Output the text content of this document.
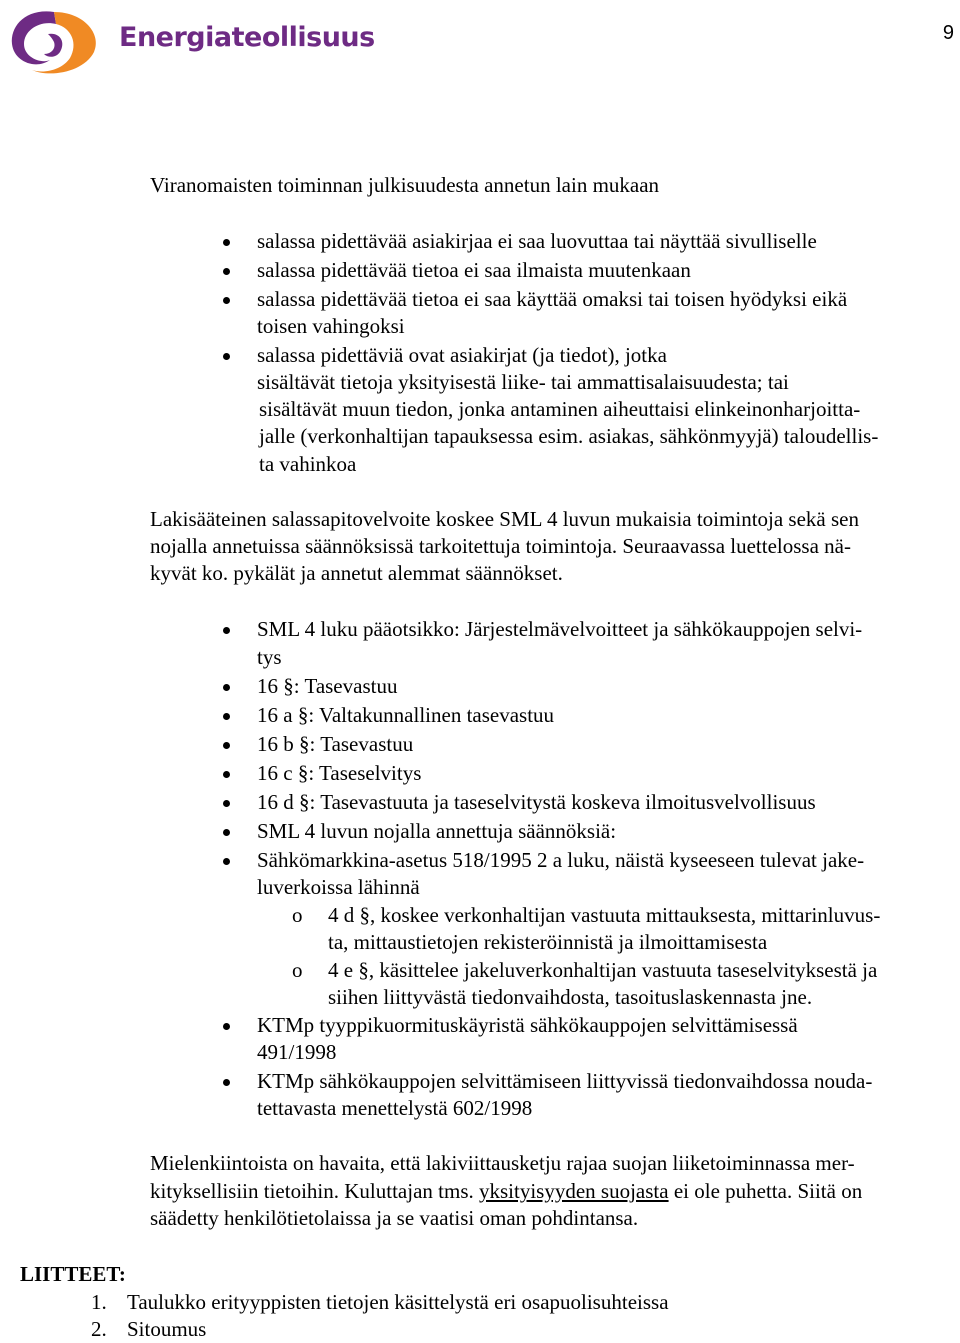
Energiateollisuus	9
Viranomaisten toiminnan julkisuudesta annetun lain mukaan
salassa pidettävää asiakirjaa ei saa luovuttaa tai näyttää sivulliselle
salassa pidettävää tietoa ei saa ilmaista muutenkaan
salassa pidettävää tietoa ei saa käyttää omaksi tai toisen hyödyksi eikä
toisen vahingoksi
salassa pidettäviä ovat asiakirjat (ja tiedot), jotka
sisältävät tietoja yksityisestä liike- tai ammattisalaisuudesta; tai
sisältävät muun tiedon, jonka antaminen aiheuttaisi elinkeinonharjoitta-
jalle (verkonhaltijan tapauksessa esim. asiakas, sähkönmyyjä) taloudellis-
ta vahinkoa
Lakisääteinen salassapitovelvoite koskee SML 4 luvun mukaisia toimintoja sekä sen
nojalla annetuissa säännöksissä tarkoitettuja toimintoja. Seuraavassa luettelossa nä-
kyvät ko. pykälät ja annetut alemmat säännökset.
SML 4 luku pääotsikko: Järjestelmävelvoitteet ja sähkökauppojen selvi-
tys
16 §: Tasevastuu
16 a §: Valtakunnallinen tasevastuu
16 b §: Tasevastuu
16 c §: Taseselvitys
16 d §: Tasevastuuta ja taseselvitystä koskeva ilmoitusvelvollisuus
SML 4 luvun nojalla annettuja säännöksiä:
Sähkömarkkina-asetus 518/1995 2 a luku, näistä kyseeseen tulevat jake-
luverkoissa lähinnä
o 4 d §, koskee verkonhaltijan vastuuta mittauksesta, mittarinluvus-
ta, mittaustietojen rekisteröinnistä ja ilmoittamisesta
o 4 e §, käsittelee jakeluverkonhaltijan vastuuta taseselvityksestä ja
siihen liittyvästä tiedonvaihdosta, tasoituslaskennasta jne.
KTMp tyyppikuormituskäyristä sähkökauppojen selvittämisessä
491/1998
KTMp sähkökauppojen selvittämiseen liittyvissä tiedonvaihdossa nouda-
tettavasta menettelystä 602/1998
Mielenkiintoista on havaita, että lakiviittausketju rajaa suojan liiketoiminnassa mer-
kityksellisiin tietoihin. Kuluttajan tms. yksityisyyden suojasta ei ole puhetta. Siitä on
säädetty henkilötietolaissa ja se vaatisi oman pohdintansa.
LIITTEET:
1. Taulukko erityyppisten tietojen käsittelystä eri osapuolisuhteissa
2. Sitoumus
